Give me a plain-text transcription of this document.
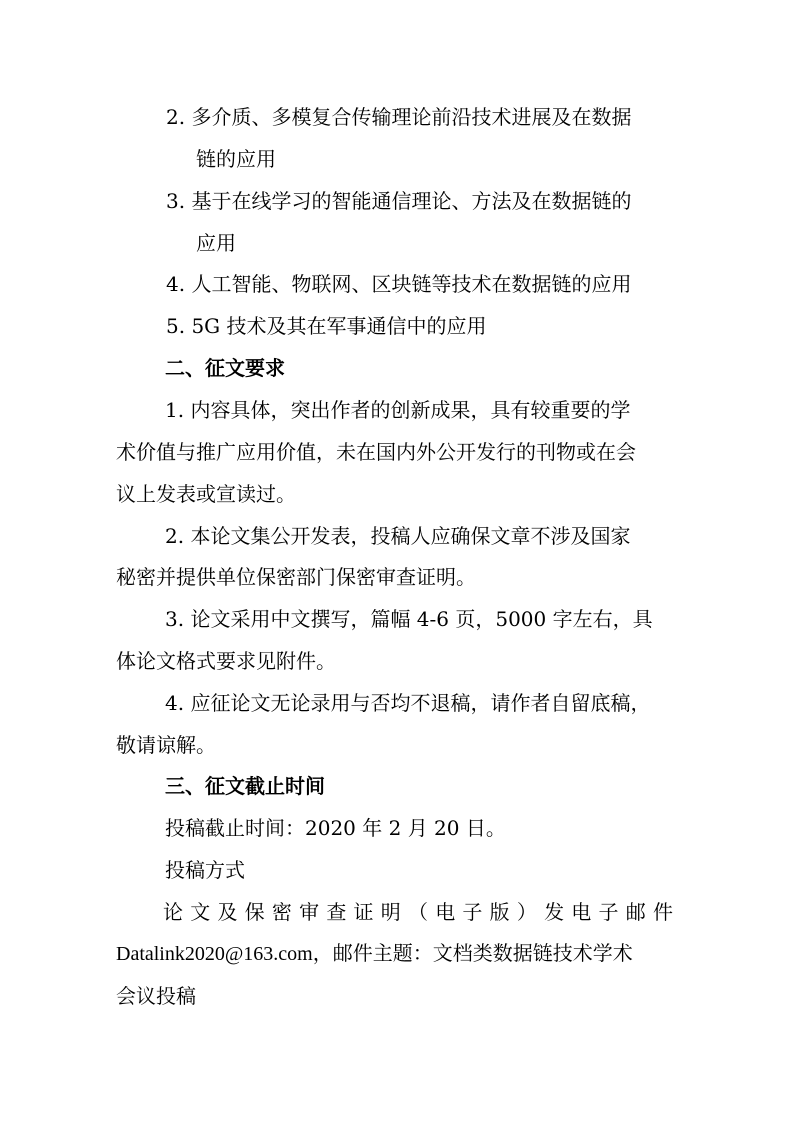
2. 多介质、多模复合传输理论前沿技术进展及在数据
链的应用
3. 基于在线学习的智能通信理论、方法及在数据链的
应用
4. 人工智能、物联网、区块链等技术在数据链的应用
5. 5G 技术及其在军事通信中的应用
二、征文要求
1. 内容具体，突出作者的创新成果，具有较重要的学
术价值与推广应用价值，未在国内外公开发行的刊物或在会
议上发表或宣读过。
2. 本论文集公开发表，投稿人应确保文章不涉及国家
秘密并提供单位保密部门保密审查证明。
3. 论文采用中文撰写，篇幅 4-6 页，5000 字左右，具
体论文格式要求见附件。
4. 应征论文无论录用与否均不退稿，请作者自留底稿，
敬请谅解。
三、征文截止时间
投稿截止时间：2020 年 2 月 20 日。
投稿方式
论 文 及 保 密 审 查 证 明 （ 电 子 版 ） 发 电 子 邮 件
Datalink2020@163.com，邮件主题：文档类数据链技术学术
会议投稿
